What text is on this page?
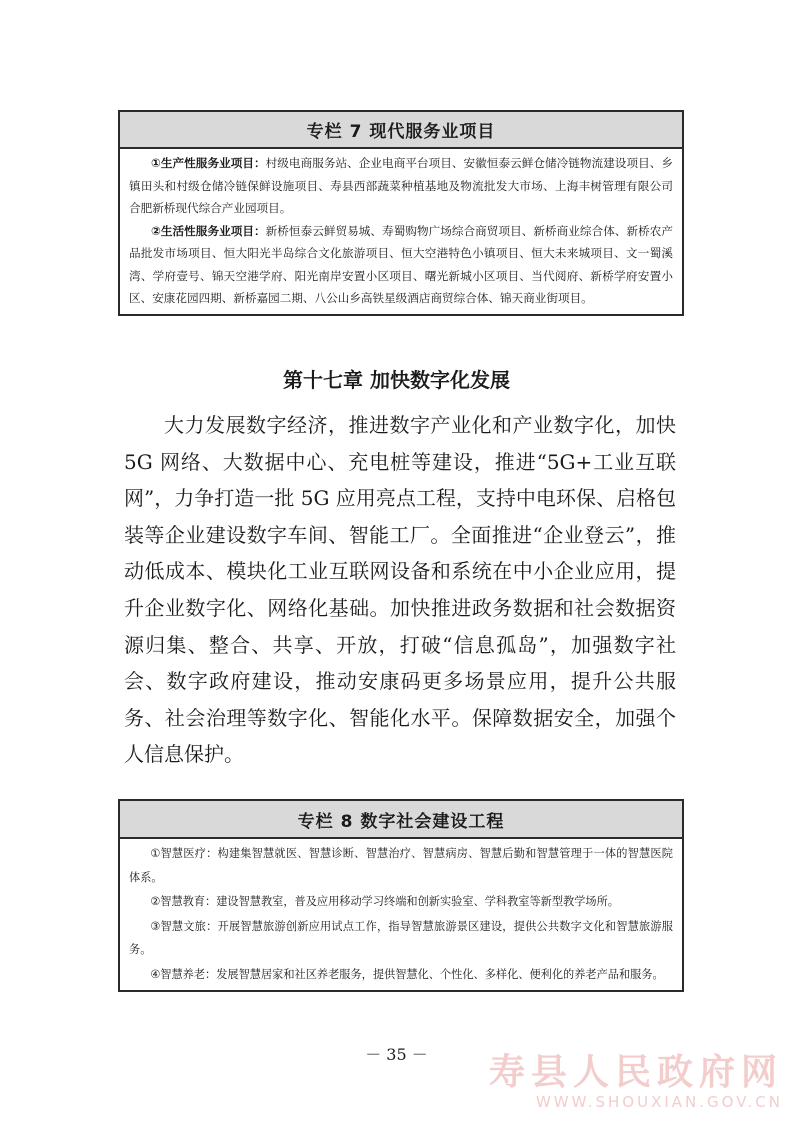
专栏 7 现代服务业项目

①生产性服务业项目：村级电商服务站、企业电商平台项目、安徽恒泰云鲜仓储冷链物流建设项目、乡镇田头和村级仓储冷链保鲜设施项目、寿县西部蔬菜种植基地及物流批发大市场、上海丰树管理有限公司合肥新桥现代综合产业园项目。

②生活性服务业项目：新桥恒泰云鲜贸易城、寿蜀购物广场综合商贸项目、新桥商业综合体、新桥农产品批发市场项目、恒大阳光半岛综合文化旅游项目、恒大空港特色小镇项目、恒大未来城项目、文一蜀溪湾、学府壹号、锦天空港学府、阳光南岸安置小区项目、曙光新城小区项目、当代阅府、新桥学府安置小区、安康花园四期、新桥嘉园二期、八公山乡高铁星级酒店商贸综合体、锦天商业街项目。

第十七章 加快数字化发展

大力发展数字经济，推进数字产业化和产业数字化，加快 5G 网络、大数据中心、充电桩等建设，推进“5G+工业互联网”，力争打造一批 5G 应用亮点工程，支持中电环保、启格包装等企业建设数字车间、智能工厂。全面推进“企业登云”，推动低成本、模块化工业互联网设备和系统在中小企业应用，提升企业数字化、网络化基础。加快推进政务数据和社会数据资源归集、整合、共享、开放，打破“信息孤岛”，加强数字社会、数字政府建设，推动安康码更多场景应用，提升公共服务、社会治理等数字化、智能化水平。保障数据安全，加强个人信息保护。

专栏 8 数字社会建设工程

①智慧医疗：构建集智慧就医、智慧诊断、智慧治疗、智慧病房、智慧后勤和智慧管理于一体的智慧医院体系。

②智慧教育：建设智慧教室，普及应用移动学习终端和创新实验室、学科教室等新型教学场所。

③智慧文旅：开展智慧旅游创新应用试点工作，指导智慧旅游景区建设，提供公共数字文化和智慧旅游服务。

④智慧养老：发展智慧居家和社区养老服务，提供智慧化、个性化、多样化、便利化的养老产品和服务。

－ 35 －	寿县人民政府网
WWW.SHOUXIAN.GOV.CN
